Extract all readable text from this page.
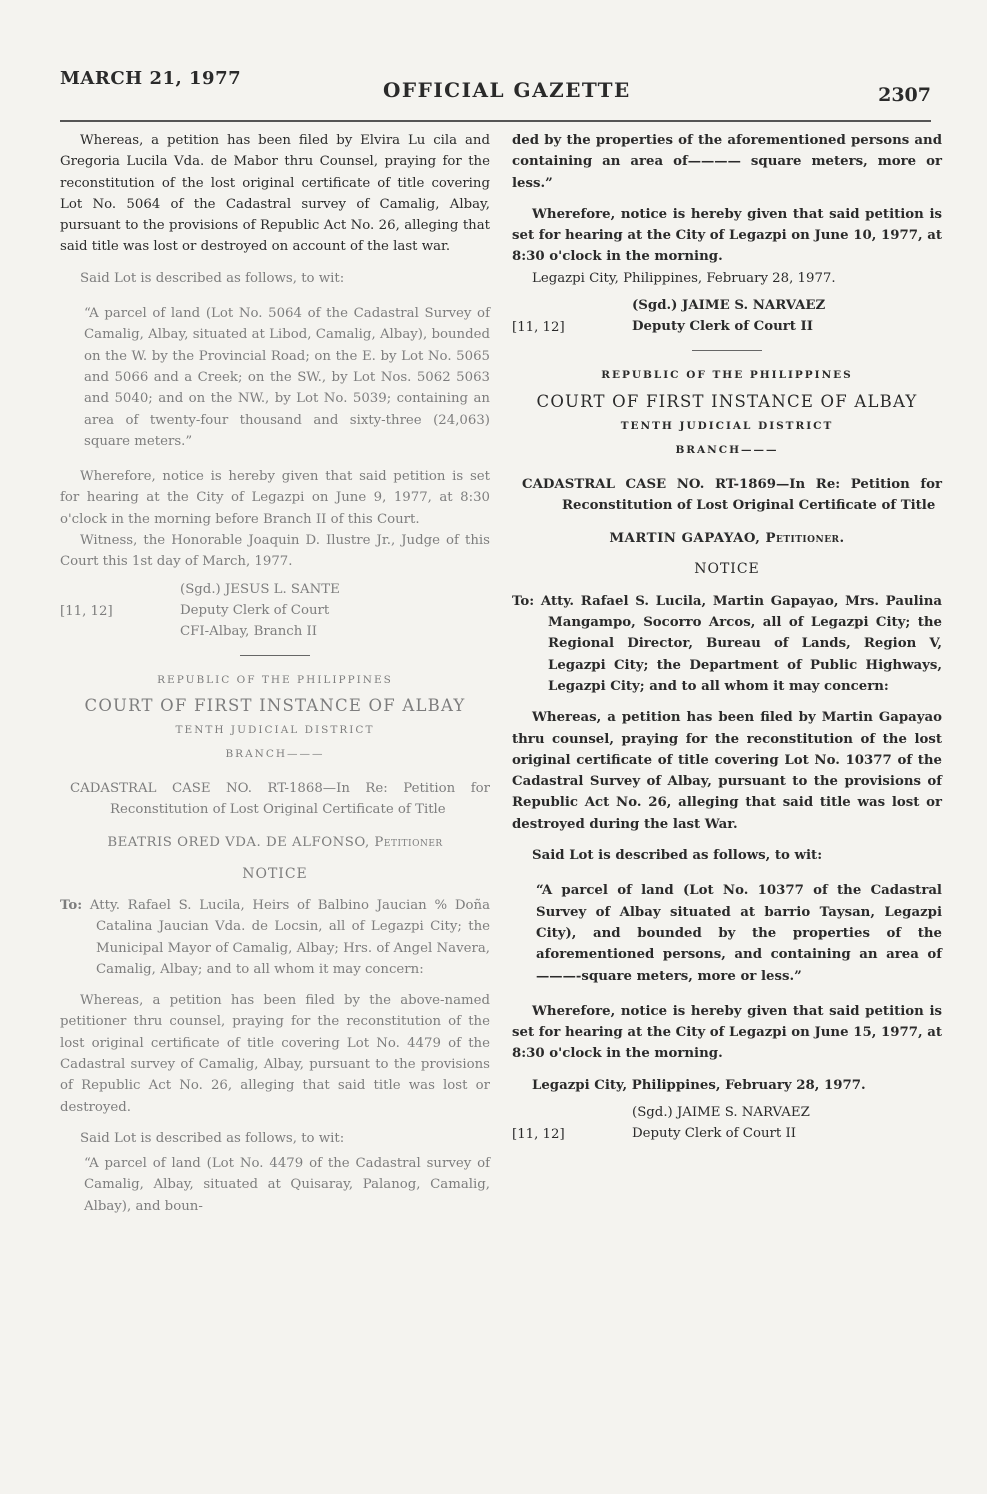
MARCH 21, 1977	OFFICIAL GAZETTE	2307

Whereas, a petition has been filed by Elvira Lu cila and Gregoria Lucila Vda. de Mabor thru Counsel, praying for the reconstitution of the lost original certificate of title covering Lot No. 5064 of the Cadastral survey of Camalig, Albay, pursuant to the provisions of Republic Act No. 26, alleging that said title was lost or destroyed on account of the last war.

Said Lot is described as follows, to wit:

“A parcel of land (Lot No. 5064 of the Cadastral Survey of Camalig, Albay, situated at Libod, Camalig, Albay), bounded on the W. by the Provincial Road; on the E. by Lot No. 5065 and 5066 and a Creek; on the SW., by Lot Nos. 5062 5063 and 5040; and on the NW., by Lot No. 5039; containing an area of twenty-four thousand and sixty-three (24,063) square meters.”

Wherefore, notice is hereby given that said petition is set for hearing at the City of Legazpi on June 9, 1977, at 8:30 o'clock in the morning before Branch II of this Court.

Witness, the Honorable Joaquin D. Ilustre Jr., Judge of this Court this 1st day of March, 1977.

[11, 12]
(Sgd.) JESUS L. SANTE
Deputy Clerk of Court
CFI-Albay, Branch II
REPUBLIC OF THE PHILIPPINES
COURT OF FIRST INSTANCE OF ALBAY
TENTH JUDICIAL DISTRICT
BRANCH———

CADASTRAL CASE NO. RT-1868—In Re: Petition for Reconstitution of Lost Original Certificate of Title

BEATRIS ORED VDA. DE ALFONSO, Petitioner
NOTICE

To: Atty. Rafael S. Lucila, Heirs of Balbino Jaucian % Doña Catalina Jaucian Vda. de Locsin, all of Legazpi City; the Municipal Mayor of Camalig, Albay; Hrs. of Angel Navera, Camalig, Albay; and to all whom it may concern:

Whereas, a petition has been filed by the above-named petitioner thru counsel, praying for the reconstitution of the lost original certificate of title covering Lot No. 4479 of the Cadastral survey of Camalig, Albay, pursuant to the provisions of Republic Act No. 26, alleging that said title was lost or destroyed.

Said Lot is described as follows, to wit:

“A parcel of land (Lot No. 4479 of the Cadastral survey of Camalig, Albay, situated at Quisaray, Palanog, Camalig, Albay), and boun-

ded by the properties of the aforementioned persons and containing an area of———— square meters, more or less.”

Wherefore, notice is hereby given that said petition is set for hearing at the City of Legazpi on June 10, 1977, at 8:30 o'clock in the morning.

Legazpi City, Philippines, February 28, 1977.

[11, 12]
(Sgd.) JAIME S. NARVAEZ
Deputy Clerk of Court II
REPUBLIC OF THE PHILIPPINES
COURT OF FIRST INSTANCE OF ALBAY
TENTH JUDICIAL DISTRICT
BRANCH———

CADASTRAL CASE NO. RT-1869—In Re: Petition for Reconstitution of Lost Original Certificate of Title

MARTIN GAPAYAO, Petitioner.
NOTICE

To: Atty. Rafael S. Lucila, Martin Gapayao, Mrs. Paulina Mangampo, Socorro Arcos, all of Legazpi City; the Regional Director, Bureau of Lands, Region V, Legazpi City; the Department of Public Highways, Legazpi City; and to all whom it may concern:

Whereas, a petition has been filed by Martin Gapayao thru counsel, praying for the reconstitution of the lost original certificate of title covering Lot No. 10377 of the Cadastral Survey of Albay, pursuant to the provisions of Republic Act No. 26, alleging that said title was lost or destroyed during the last War.

Said Lot is described as follows, to wit:

“A parcel of land (Lot No. 10377 of the Cadastral Survey of Albay situated at barrio Taysan, Legazpi City), and bounded by the properties of the aforementioned persons, and containing an area of———-square meters, more or less.”

Wherefore, notice is hereby given that said petition is set for hearing at the City of Legazpi on June 15, 1977, at 8:30 o'clock in the morning.

Legazpi City, Philippines, February 28, 1977.

[11, 12]
(Sgd.) JAIME S. NARVAEZ
Deputy Clerk of Court II
